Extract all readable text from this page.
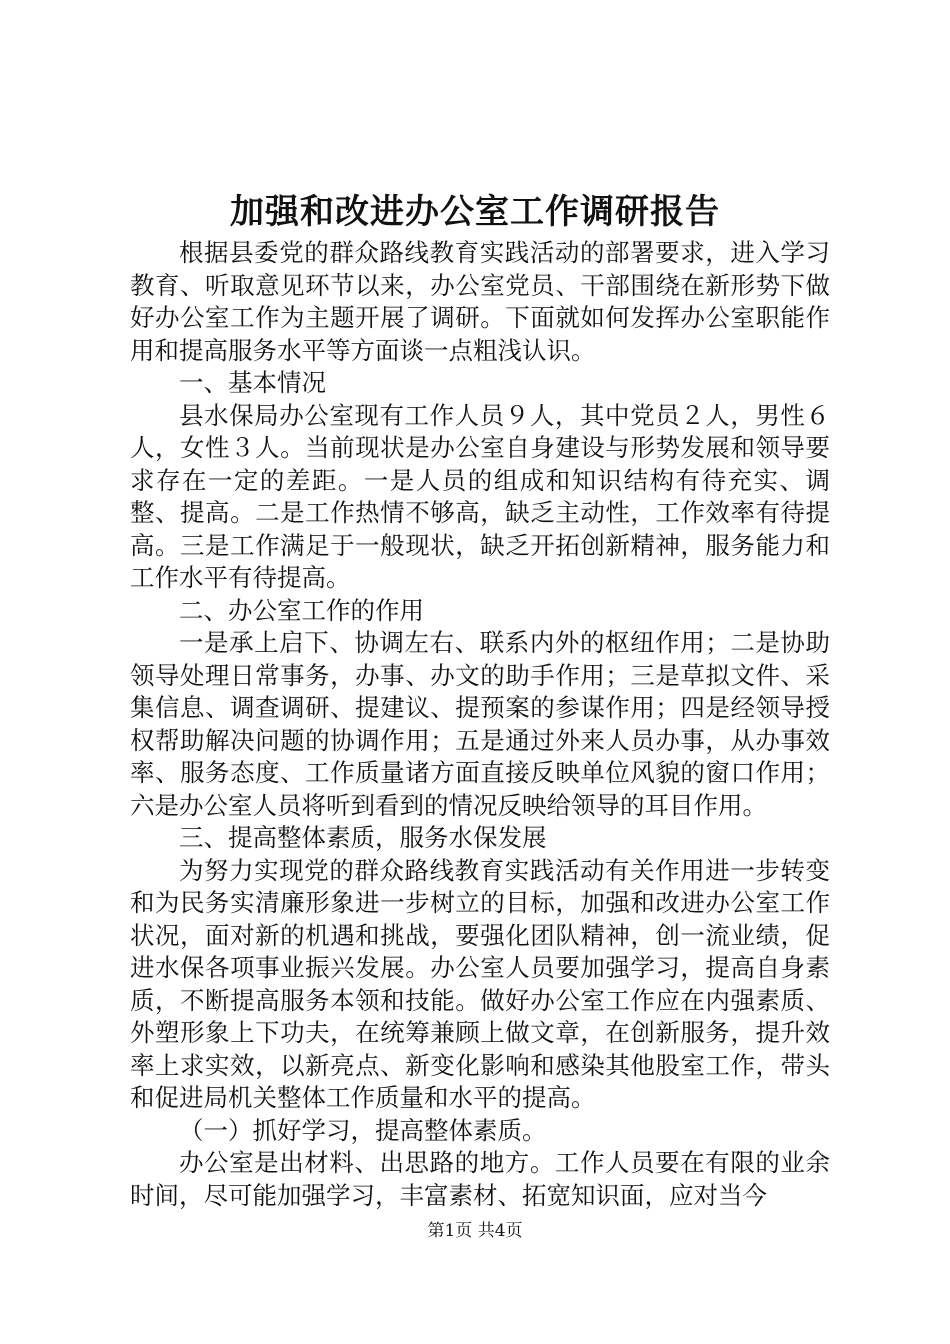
加强和改进办公室工作调研报告

根据县委党的群众路线教育实践活动的部署要求，进入学习教育、听取意见环节以来，办公室党员、干部围绕在新形势下做好办公室工作为主题开展了调研。下面就如何发挥办公室职能作用和提高服务水平等方面谈一点粗浅认识。

一、基本情况

县水保局办公室现有工作人员９人，其中党员２人，男性６人，女性３人。当前现状是办公室自身建设与形势发展和领导要求存在一定的差距。一是人员的组成和知识结构有待充实、调整、提高。二是工作热情不够高，缺乏主动性，工作效率有待提高。三是工作满足于一般现状，缺乏开拓创新精神，服务能力和工作水平有待提高。

二、办公室工作的作用

一是承上启下、协调左右、联系内外的枢纽作用；二是协助领导处理日常事务，办事、办文的助手作用；三是草拟文件、采集信息、调查调研、提建议、提预案的参谋作用；四是经领导授权帮助解决问题的协调作用；五是通过外来人员办事，从办事效率、服务态度、工作质量诸方面直接反映单位风貌的窗口作用；六是办公室人员将听到看到的情况反映给领导的耳目作用。

三、提高整体素质，服务水保发展

为努力实现党的群众路线教育实践活动有关作用进一步转变和为民务实清廉形象进一步树立的目标，加强和改进办公室工作状况，面对新的机遇和挑战，要强化团队精神，创一流业绩，促进水保各项事业振兴发展。办公室人员要加强学习，提高自身素质，不断提高服务本领和技能。做好办公室工作应在内强素质、外塑形象上下功夫，在统筹兼顾上做文章，在创新服务，提升效率上求实效，以新亮点、新变化影响和感染其他股室工作，带头和促进局机关整体工作质量和水平的提高。

（一）抓好学习，提高整体素质。

办公室是出材料、出思路的地方。工作人员要在有限的业余时间，尽可能加强学习，丰富素材、拓宽知识面，应对当今

第1页 共4页
